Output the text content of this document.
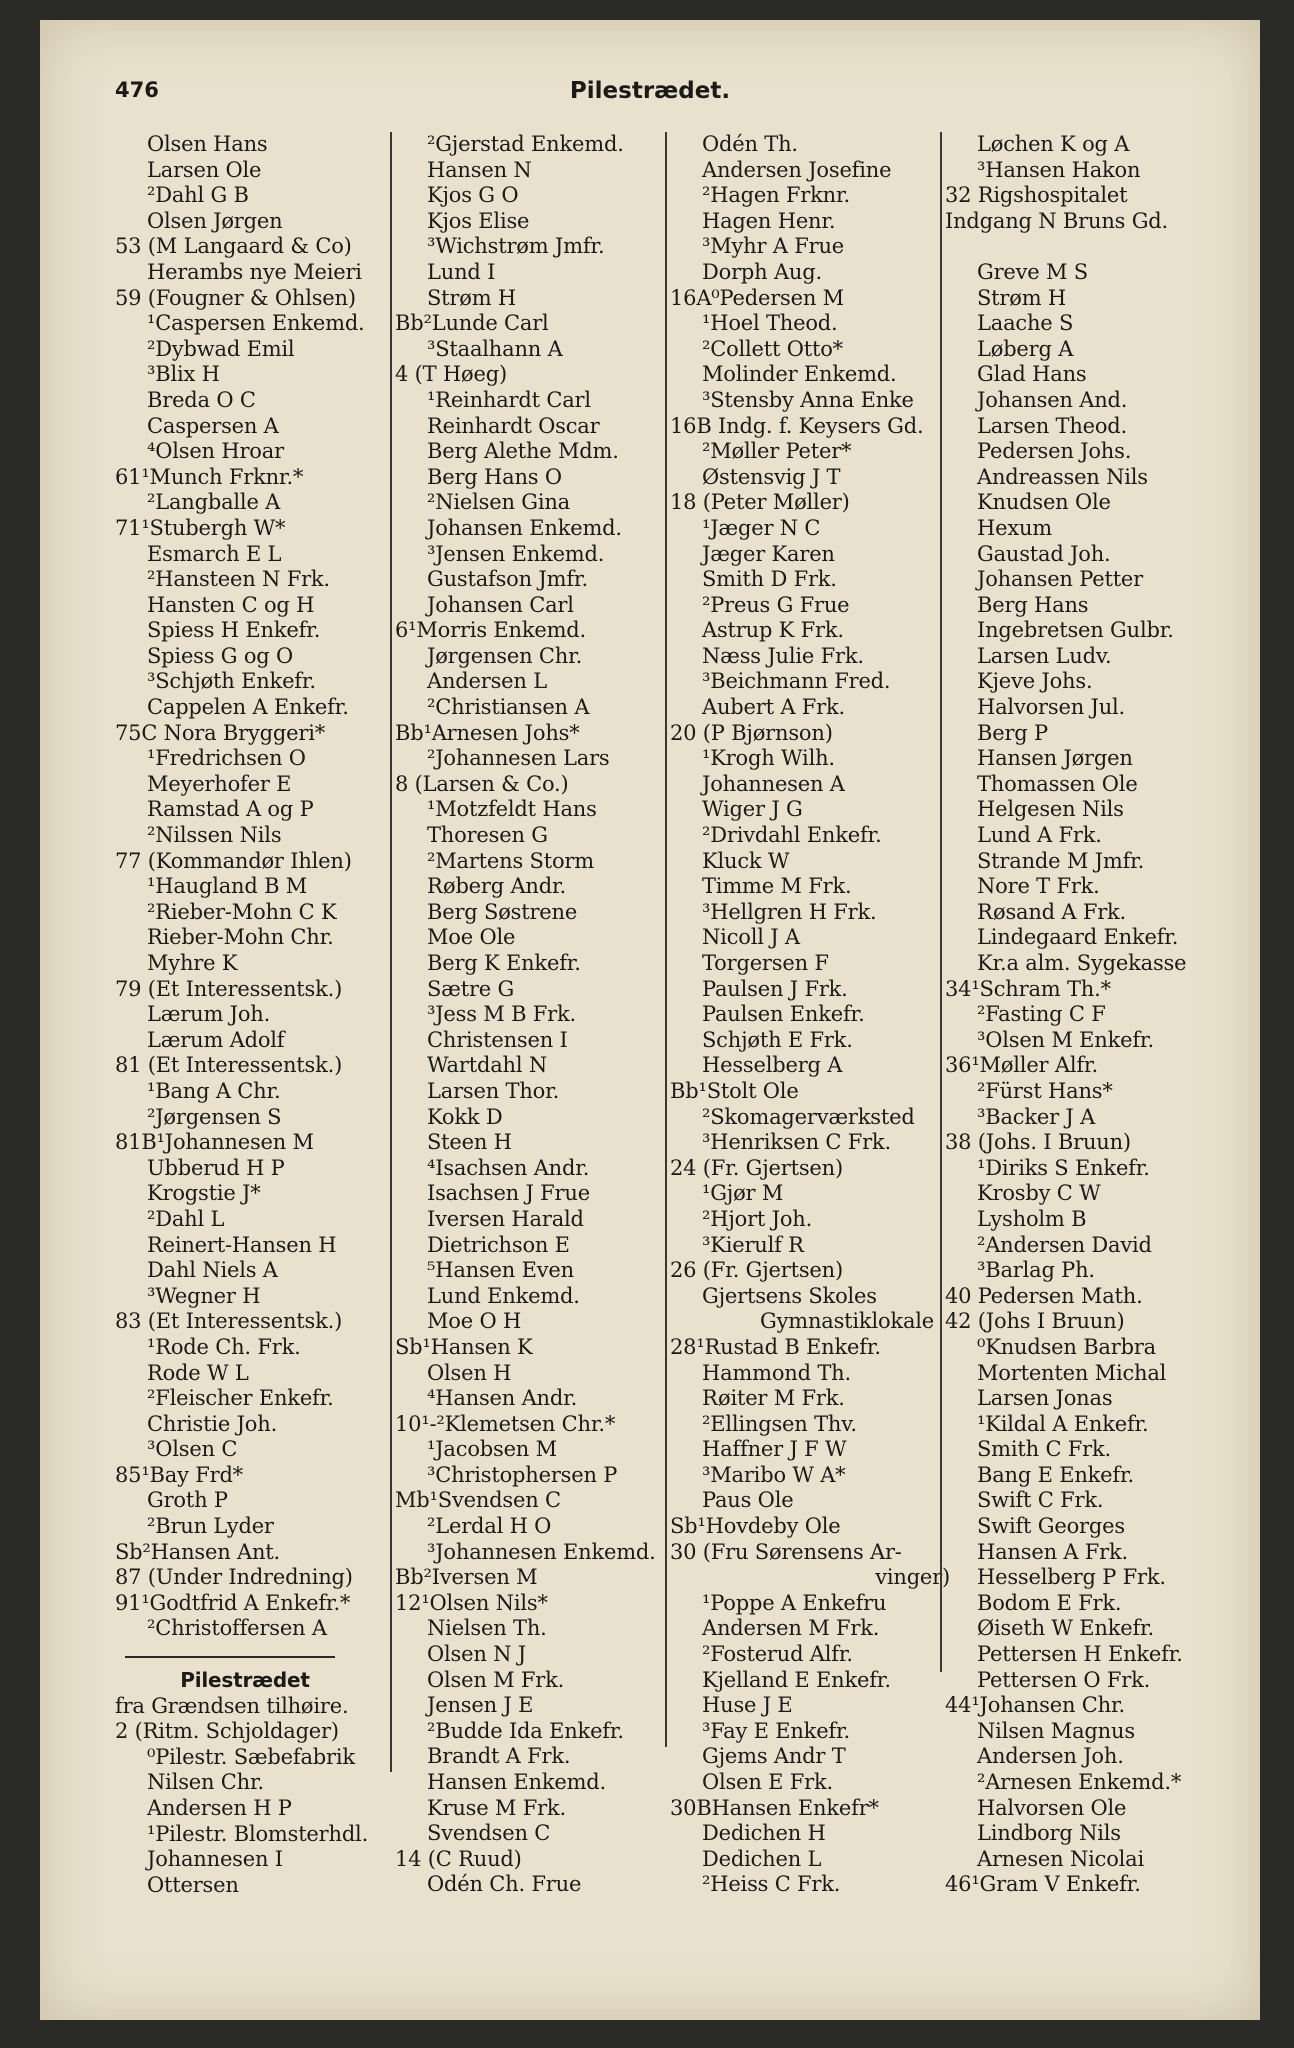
476	Pilestrædet.
Olsen Hans
Larsen Ole
²Dahl G B
Olsen Jørgen
53 (M Langaard & Co)
Herambs nye Meieri
59 (Fougner & Ohlsen)
¹Caspersen Enkemd.
²Dybwad Emil
³Blix H
Breda O C
Caspersen A
⁴Olsen Hroar
61¹Munch Frknr.*
²Langballe A
71¹Stubergh W*
Esmarch E L
²Hansteen N Frk.
Hansten C og H
Spiess H Enkefr.
Spiess G og O
³Schjøth Enkefr.
Cappelen A Enkefr.
75C Nora Bryggeri*
¹Fredrichsen O
Meyerhofer E
Ramstad A og P
²Nilssen Nils
77 (Kommandør Ihlen)
¹Haugland B M
²Rieber-Mohn C K
Rieber-Mohn Chr.
Myhre K
79 (Et Interessentsk.)
Lærum Joh.
Lærum Adolf
81 (Et Interessentsk.)
¹Bang A Chr.
²Jørgensen S
81B¹Johannesen M
Ubberud H P
Krogstie J*
²Dahl L
Reinert-Hansen H
Dahl Niels A
³Wegner H
83 (Et Interessentsk.)
¹Rode Ch. Frk.
Rode W L
²Fleischer Enkefr.
Christie Joh.
³Olsen C
85¹Bay Frd*
Groth P
²Brun Lyder
Sb²Hansen Ant.
87 (Under Indredning)
91¹Godtfrid A Enkefr.*
²Christoffersen A
Pilestrædet
fra Grændsen tilhøire.
2 (Ritm. Schjoldager)
⁰Pilestr. Sæbefabrik
Nilsen Chr.
Andersen H P
¹Pilestr. Blomsterhdl.
Johannesen I
Ottersen
²Gjerstad Enkemd.
Hansen N
Kjos G O
Kjos Elise
³Wichstrøm Jmfr.
Lund I
Strøm H
Bb²Lunde Carl
³Staalhann A
4 (T Høeg)
¹Reinhardt Carl
Reinhardt Oscar
Berg Alethe Mdm.
Berg Hans O
²Nielsen Gina
Johansen Enkemd.
³Jensen Enkemd.
Gustafson Jmfr.
Johansen Carl
6¹Morris Enkemd.
Jørgensen Chr.
Andersen L
²Christiansen A
Bb¹Arnesen Johs*
²Johannesen Lars
8 (Larsen & Co.)
¹Motzfeldt Hans
Thoresen G
²Martens Storm
Røberg Andr.
Berg Søstrene
Moe Ole
Berg K Enkefr.
Sætre G
³Jess M B Frk.
Christensen I
Wartdahl N
Larsen Thor.
Kokk D
Steen H
⁴Isachsen Andr.
Isachsen J Frue
Iversen Harald
Dietrichson E
⁵Hansen Even
Lund Enkemd.
Moe O H
Sb¹Hansen K
Olsen H
⁴Hansen Andr.
10¹-²Klemetsen Chr.*
¹Jacobsen M
³Christophersen P
Mb¹Svendsen C
²Lerdal H O
³Johannesen Enkemd.
Bb²Iversen M
12¹Olsen Nils*
Nielsen Th.
Olsen N J
Olsen M Frk.
Jensen J E
²Budde Ida Enkefr.
Brandt A Frk.
Hansen Enkemd.
Kruse M Frk.
Svendsen C
14 (C Ruud)
Odén Ch. Frue
Odén Th.
Andersen Josefine
²Hagen Frknr.
Hagen Henr.
³Myhr A Frue
Dorph Aug.
16A⁰Pedersen M
¹Hoel Theod.
²Collett Otto*
Molinder Enkemd.
³Stensby Anna Enke
16B Indg. f. Keysers Gd.
²Møller Peter*
Østensvig J T
18 (Peter Møller)
¹Jæger N C
Jæger Karen
Smith D Frk.
²Preus G Frue
Astrup K Frk.
Næss Julie Frk.
³Beichmann Fred.
Aubert A Frk.
20 (P Bjørnson)
¹Krogh Wilh.
Johannesen A
Wiger J G
²Drivdahl Enkefr.
Kluck W
Timme M Frk.
³Hellgren H Frk.
Nicoll J A
Torgersen F
Paulsen J Frk.
Paulsen Enkefr.
Schjøth E Frk.
Hesselberg A
Bb¹Stolt Ole
²Skomagerværksted
³Henriksen C Frk.
24 (Fr. Gjertsen)
¹Gjør M
²Hjort Joh.
³Kierulf R
26 (Fr. Gjertsen)
Gjertsens Skoles
Gymnastiklokale
28¹Rustad B Enkefr.
Hammond Th.
Røiter M Frk.
²Ellingsen Thv.
Haffner J F W
³Maribo W A*
Paus Ole
Sb¹Hovdeby Ole
30 (Fru Sørensens Ar-
vinger)
¹Poppe A Enkefru
Andersen M Frk.
²Fosterud Alfr.
Kjelland E Enkefr.
Huse J E
³Fay E Enkefr.
Gjems Andr T
Olsen E Frk.
30BHansen Enkefr*
Dedichen H
Dedichen L
²Heiss C Frk.
Løchen K og A
³Hansen Hakon
32 Rigshospitalet
Indgang N Bruns Gd.
Greve M S
Strøm H
Laache S
Løberg A
Glad Hans
Johansen And.
Larsen Theod.
Pedersen Johs.
Andreassen Nils
Knudsen Ole
Hexum
Gaustad Joh.
Johansen Petter
Berg Hans
Ingebretsen Gulbr.
Larsen Ludv.
Kjeve Johs.
Halvorsen Jul.
Berg P
Hansen Jørgen
Thomassen Ole
Helgesen Nils
Lund A Frk.
Strande M Jmfr.
Nore T Frk.
Røsand A Frk.
Lindegaard Enkefr.
Kr.a alm. Sygekasse
34¹Schram Th.*
²Fasting C F
³Olsen M Enkefr.
36¹Møller Alfr.
²Fürst Hans*
³Backer J A
38 (Johs. I Bruun)
¹Diriks S Enkefr.
Krosby C W
Lysholm B
²Andersen David
³Barlag Ph.
40 Pedersen Math.
42 (Johs I Bruun)
⁰Knudsen Barbra
Mortenten Michal
Larsen Jonas
¹Kildal A Enkefr.
Smith C Frk.
Bang E Enkefr.
Swift C Frk.
Swift Georges
Hansen A Frk.
Hesselberg P Frk.
Bodom E Frk.
Øiseth W Enkefr.
Pettersen H Enkefr.
Pettersen O Frk.
44¹Johansen Chr.
Nilsen Magnus
Andersen Joh.
²Arnesen Enkemd.*
Halvorsen Ole
Lindborg Nils
Arnesen Nicolai
46¹Gram V Enkefr.
